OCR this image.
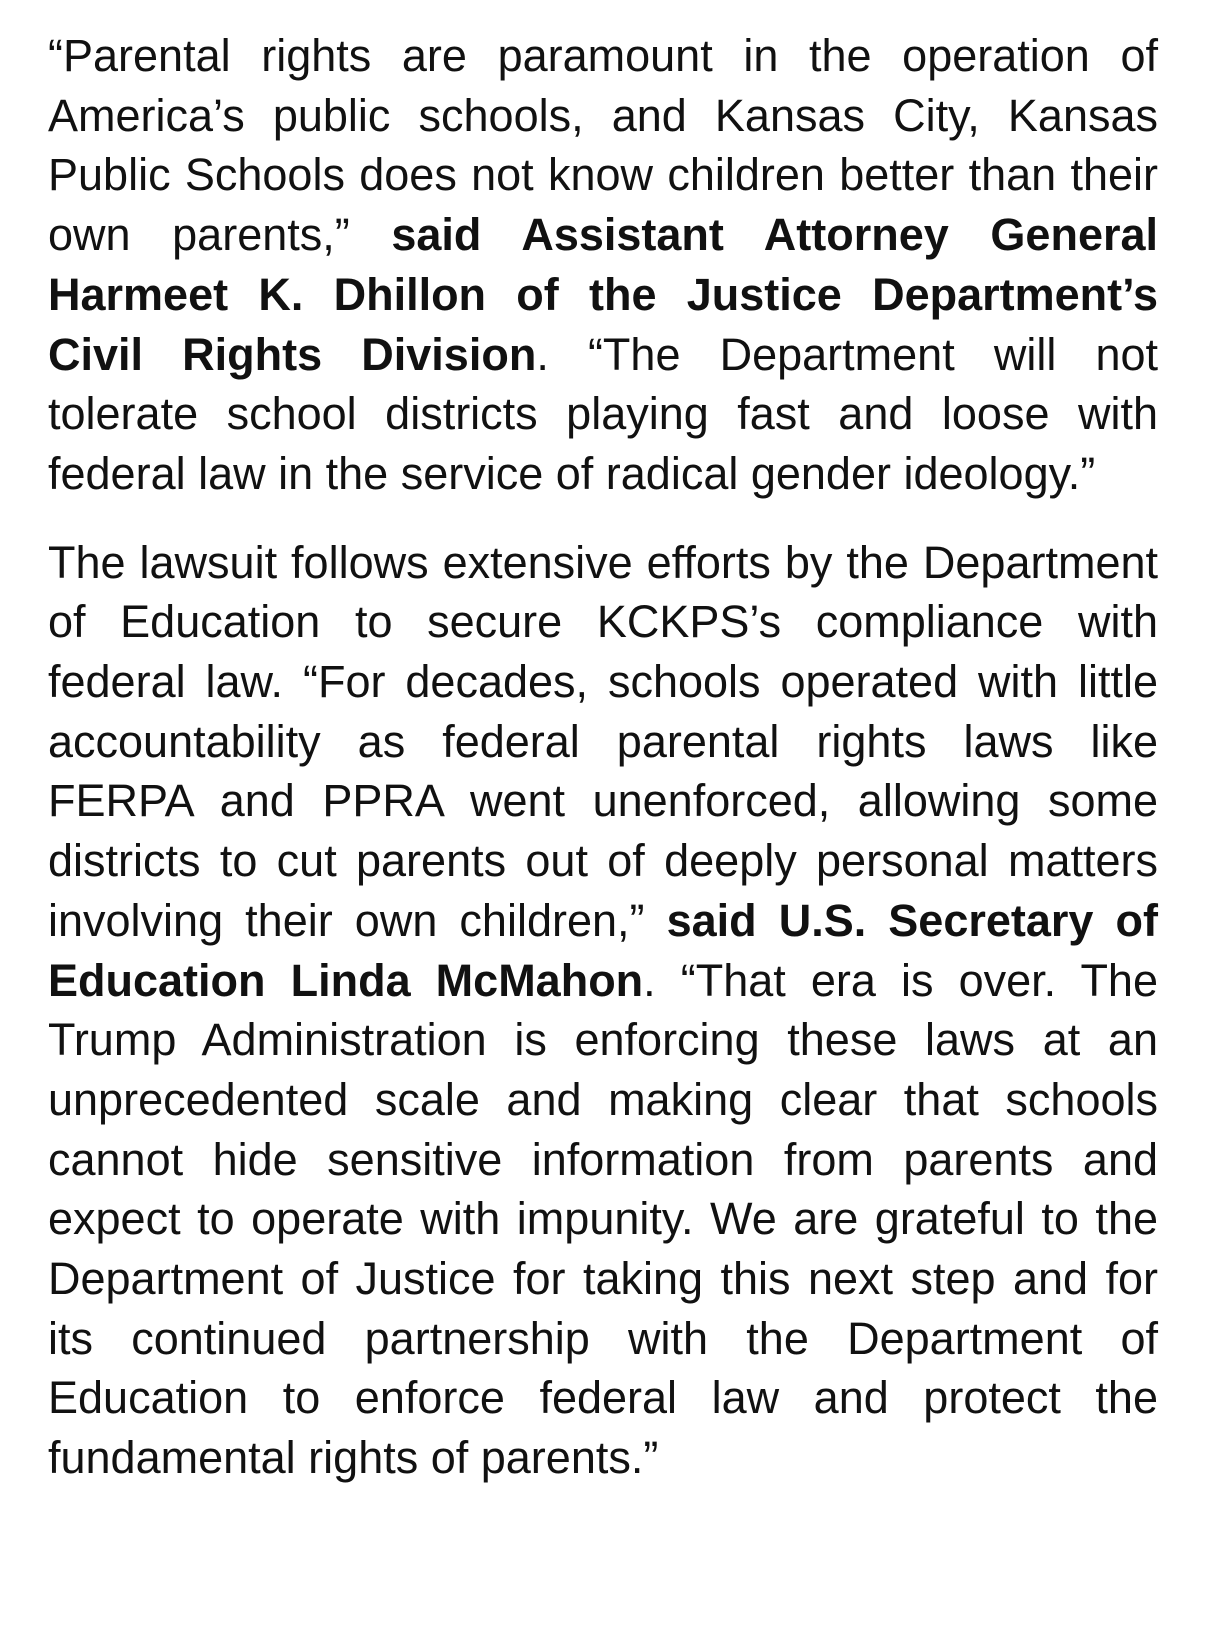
“Parental rights are paramount in the operation of America’s public schools, and Kansas City, Kansas Public Schools does not know children better than their own parents,” said Assistant Attorney General Harmeet K. Dhillon of the Justice Department’s Civil Rights Division. “The Department will not tolerate school districts playing fast and loose with federal law in the service of radical gender ideology.”

The lawsuit follows extensive efforts by the Department of Education to secure KCKPS’s compliance with federal law. “For decades, schools operated with little accountability as federal parental rights laws like FERPA and PPRA went unenforced, allowing some districts to cut parents out of deeply personal matters involving their own children,” said U.S. Secretary of Education Linda McMahon. “That era is over. The Trump Administration is enforcing these laws at an unprecedented scale and making clear that schools cannot hide sensitive information from parents and expect to operate with impunity. We are grateful to the Department of Justice for taking this next step and for its continued partnership with the Department of Education to enforce federal law and protect the fundamental rights of parents.”
